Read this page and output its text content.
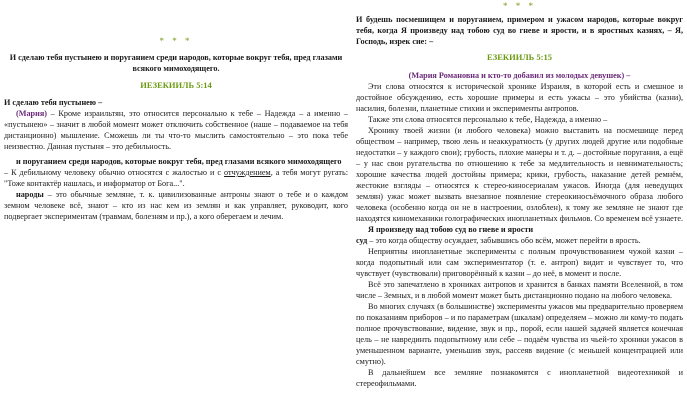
* * *

И сделаю тебя пустынею и поруганием среди народов, которые вокруг тебя, пред глазами всякого мимоходящего.

ИЕЗЕКИИЛЬ 5:14

И сделаю тебя пустынею –

(Мария) – Кроме израильтян, это относится персонально к тебе – Надежда – а именно – «пустынею» – значит в любой момент может отключить собственное (наше – подаваемое на тебя дистанционно) мышление. Сможешь ли ты что-то мыслить самостоятельно – это пока тебе неизвестно. Данная пустыня – это дебильность.

и поруганием среди народов, которые вокруг тебя, пред глазами всякого мимоходящего

– К дебильному человеку обычно относятся с жалостью и с отчуждением, а тебя могут ругать: "Тоже контактёр нашлась, и информатор от Бога...".

народы – это обычные земляне, т. к. цивилизованные антроны знают о тебе и о каждом земном человеке всё, знают – кто из нас кем из землян и как управляет, руководит, кого подвергает экспериментам (травмам, болезням и пр.), а кого оберегаем и лечим.

* * *

И будешь посмешищем и поруганием, примером и ужасом народов, которые вокруг тебя, когда Я произведу над тобою суд во гневе и ярости, и в яростных казнях, – Я, Господь, изрек сие: –

ЕЗЕКИИЛЬ 5:15

(Мария Романовна и кто-то добавил из молодых девушек) –

Эти слова относятся к исторической хронике Израиля, в которой есть и смешное и достойное обсуждению, есть хорошие примеры и есть ужасы – это убийства (казни), насилия, болезни, планетные стихии и эксперименты антропов.

Также эти слова относятся персонально к тебе, Надежда, а именно –

Хронику твоей жизни (и любого человека) можно выставить на посмешище перед обществом – например, твою лень и неаккуратность (у других людей другие или подобные недостатки – у каждого свои); грубость, плохие манеры и т. д. – достойные поругания, а ещё – у нас свои ругательства по отношению к тебе за медлительность и невнимательность; хорошие качества людей достойны примера; крики, грубость, наказание детей ремнём, жестокие взгляды – относятся к стерео-киносериалам ужасов. Иногда (для неведущих землян) ужас может вызвать внезапное появление стереокиносъёмочного образа любого человека (особенно когда он не в настроении, озлоблен), к тому же земляне не знают где находятся киномеханики голографических инопланетных фильмов. Со временем всё узнаете.

Я произведу над тобою суд во гневе и ярости

суд – это когда обществу осуждает, забывшись обо всём, может перейти в ярость.

Неприятны инопланетные эксперименты с полным прочувствованием чужой казни – когда подопытный или сам экспериментатор (т. е. антроп) видит и чувствует то, что чувствует (чувствовали) приговорённый к казни – до неё, в момент и после.

Всё это запечатлено в хрониках антропов и хранится в банках памяти Вселенной, в том числе – Земных, и в любой момент может быть дистанционно подано на любого человека.

Во многих случаях (в большинстве) эксперименты ужасов мы предварительно проверяем по показаниям приборов – и по параметрам (шкалам) определяем – можно ли кому-то подать полное прочувствование, видение, звук и пр., порой, если нашей задачей является конечная цель – не наврединть подопытному или себе – подаём чувства из чьей-то хроники ужасов в уменьшенном варианте, уменьшив звук, рассеяв видение (с меньшей концентрацией или смутно).

В дальнейшем все земляне познакомятся с инопланетной видеотехникой и стереофильмами.
